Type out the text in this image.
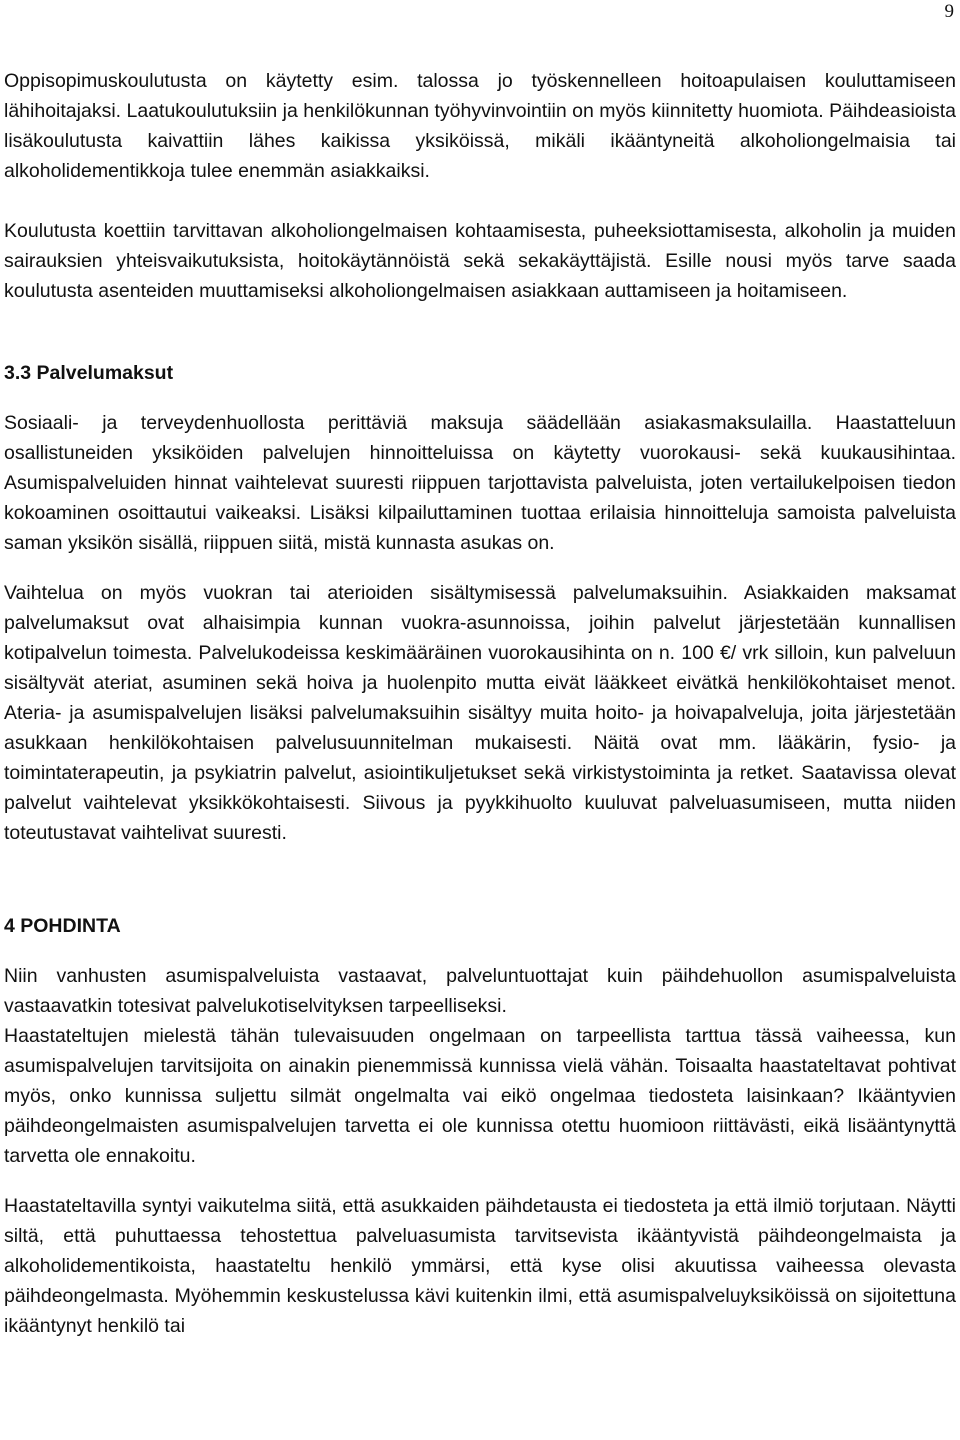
9

Oppisopimuskoulutusta on käytetty esim. talossa jo työskennelleen hoitoapulaisen kouluttamiseen lähihoitajaksi. Laatukoulutuksiin ja henkilökunnan työhyvinvointiin on myös kiinnitetty huomiota. Päihdeasioista lisäkoulutusta kaivattiin lähes kaikissa yksiköissä, mikäli ikääntyneitä alkoholiongelmaisia tai alkoholidementikkoja tulee enemmän asiakkaiksi.

Koulutusta koettiin tarvittavan alkoholiongelmaisen kohtaamisesta, puheeksiottamisesta, alkoholin ja muiden sairauksien yhteisvaikutuksista, hoitokäytännöistä sekä sekakäyttäjistä. Esille nousi myös tarve saada koulutusta asenteiden muuttamiseksi alkoholiongelmaisen asiakkaan auttamiseen ja hoitamiseen.

3.3 Palvelumaksut

Sosiaali- ja terveydenhuollosta perittäviä maksuja säädellään asiakasmaksulailla. Haastatteluun osallistuneiden yksiköiden palvelujen hinnoitteluissa on käytetty vuorokausi- sekä kuukausihintaa. Asumispalveluiden hinnat vaihtelevat suuresti riippuen tarjottavista palveluista, joten vertailukelpoisen tiedon kokoaminen osoittautui vaikeaksi. Lisäksi kilpailuttaminen tuottaa erilaisia hinnoitteluja samoista palveluista saman yksikön sisällä, riippuen siitä, mistä kunnasta asukas on.

Vaihtelua on myös vuokran tai aterioiden sisältymisessä palvelumaksuihin. Asiakkaiden maksamat palvelumaksut ovat alhaisimpia kunnan vuokra-asunnoissa, joihin palvelut järjestetään kunnallisen kotipalvelun toimesta. Palvelukodeissa keskimääräinen vuorokausihinta on n. 100 €/ vrk silloin, kun palveluun sisältyvät ateriat, asuminen sekä hoiva ja huolenpito mutta eivät lääkkeet eivätkä henkilökohtaiset menot. Ateria- ja asumispalvelujen lisäksi palvelumaksuihin sisältyy muita hoito- ja hoivapalveluja, joita järjestetään asukkaan henkilökohtaisen palvelusuunnitelman mukaisesti. Näitä ovat mm. lääkärin, fysio- ja toimintaterapeutin, ja psykiatrin palvelut, asiointikuljetukset sekä virkistystoiminta ja retket. Saatavissa olevat palvelut vaihtelevat yksikkökohtaisesti. Siivous ja pyykkihuolto kuuluvat palveluasumiseen, mutta niiden toteutustavat vaihtelivat suuresti.

4 POHDINTA

Niin vanhusten asumispalveluista vastaavat, palveluntuottajat kuin päihdehuollon asumispalveluista vastaavatkin totesivat palvelukotiselvityksen tarpeelliseksi.

Haastateltujen mielestä tähän tulevaisuuden ongelmaan on tarpeellista tarttua tässä vaiheessa, kun asumispalvelujen tarvitsijoita on ainakin pienemmissä kunnissa vielä vähän. Toisaalta haastateltavat pohtivat myös, onko kunnissa suljettu silmät ongelmalta vai eikö ongelmaa tiedosteta laisinkaan? Ikääntyvien päihdeongelmaisten asumispalvelujen tarvetta ei ole kunnissa otettu huomioon riittävästi, eikä lisääntynyttä tarvetta ole ennakoitu.

Haastateltavilla syntyi vaikutelma siitä, että asukkaiden päihdetausta ei tiedosteta ja että ilmiö torjutaan. Näytti siltä, että puhuttaessa tehostettua palveluasumista tarvitsevista ikääntyvistä päihdeongelmaista ja alkoholidementikoista, haastateltu henkilö ymmärsi, että kyse olisi akuutissa vaiheessa olevasta päihdeongelmasta. Myöhemmin keskustelussa kävi kuitenkin ilmi, että asumispalveluyksiköissä on sijoitettuna ikääntynyt henkilö tai
